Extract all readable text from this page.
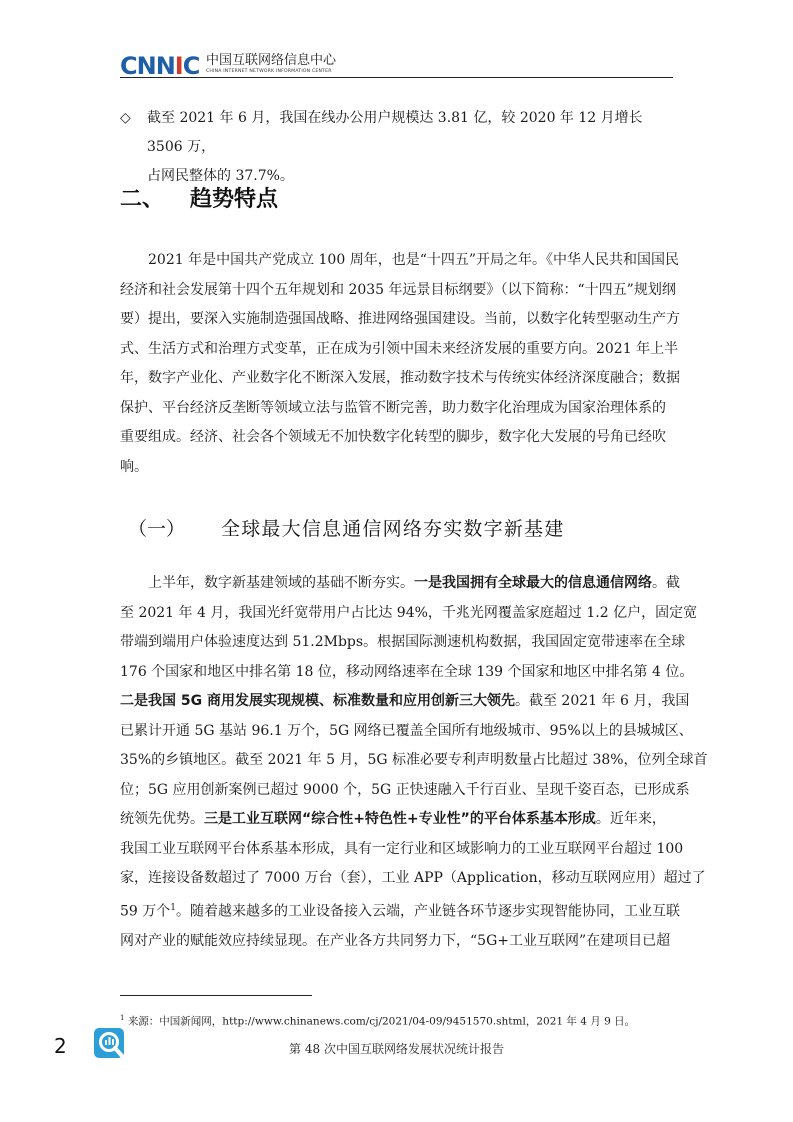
CNNIC 中国互联网络信息中心
CHINA INTERNET NETWORK INFORMATION CENTER
◇ 截至 2021 年 6 月，我国在线办公用户规模达 3.81 亿，较 2020 年 12 月增长 3506 万，
占网民整体的 37.7%。
二、 趋势特点
2021 年是中国共产党成立 100 周年，也是“十四五”开局之年。《中华人民共和国国民
经济和社会发展第十四个五年规划和 2035 年远景目标纲要》（以下简称：“十四五”规划纲
要）提出，要深入实施制造强国战略、推进网络强国建设。当前，以数字化转型驱动生产方
式、生活方式和治理方式变革，正在成为引领中国未来经济发展的重要方向。2021 年上半
年，数字产业化、产业数字化不断深入发展，推动数字技术与传统实体经济深度融合；数据
保护、平台经济反垄断等领域立法与监管不断完善，助力数字化治理成为国家治理体系的
重要组成。经济、社会各个领域无不加快数字化转型的脚步，数字化大发展的号角已经吹
响。
（一） 全球最大信息通信网络夯实数字新基建
上半年，数字新基建领域的基础不断夯实。一是我国拥有全球最大的信息通信网络。截
至 2021 年 4 月，我国光纤宽带用户占比达 94%，千兆光网覆盖家庭超过 1.2 亿户，固定宽
带端到端用户体验速度达到 51.2Mbps。根据国际测速机构数据，我国固定宽带速率在全球
176 个国家和地区中排名第 18 位，移动网络速率在全球 139 个国家和地区中排名第 4 位。
二是我国 5G 商用发展实现规模、标准数量和应用创新三大领先。截至 2021 年 6 月，我国
已累计开通 5G 基站 96.1 万个，5G 网络已覆盖全国所有地级城市、95%以上的县城城区、
35%的乡镇地区。截至 2021 年 5 月，5G 标准必要专利声明数量占比超过 38%，位列全球首
位；5G 应用创新案例已超过 9000 个，5G 正快速融入千行百业、呈现千姿百态，已形成系
统领先优势。三是工业互联网“综合性+特色性+专业性”的平台体系基本形成。近年来，
我国工业互联网平台体系基本形成，具有一定行业和区域影响力的工业互联网平台超过 100
家，连接设备数超过了 7000 万台（套），工业 APP（Application，移动互联网应用）超过了
59 万个$^1$。随着越来越多的工业设备接入云端，产业链各环节逐步实现智能协同，工业互联
网对产业的赋能效应持续显现。在产业各方共同努力下，“5G+工业互联网”在建项目已超
$^1$ 来源：中国新闻网，http://www.chinanews.com/cj/2021/04-09/9451570.shtml，2021 年 4 月 9 日。
2	第 48 次中国互联网络发展状况统计报告
